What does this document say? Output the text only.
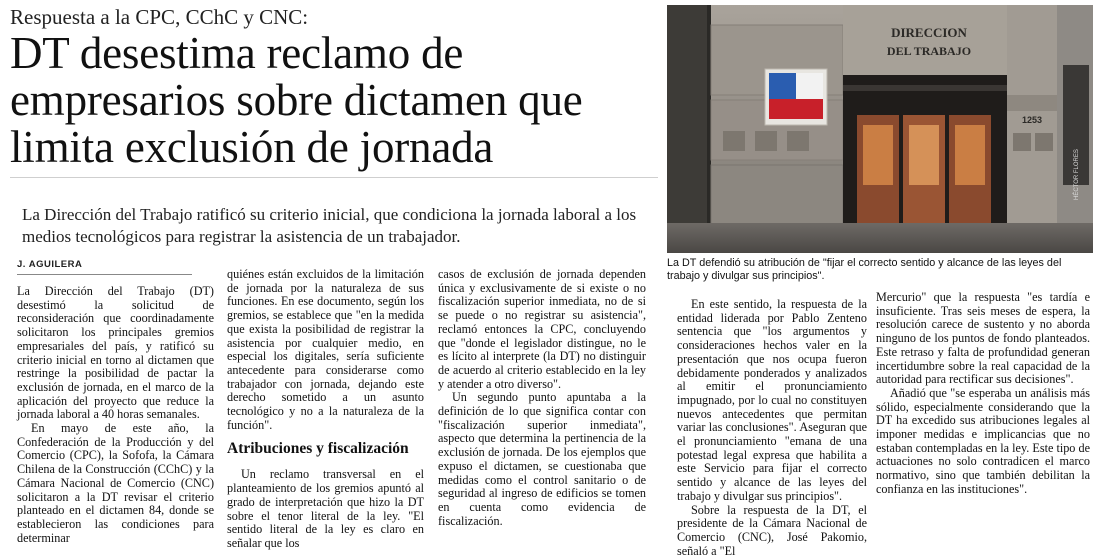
Respuesta a la CPC, CChC y CNC:
DT desestima reclamo de empresarios sobre dictamen que limita exclusión de jornada
La Dirección del Trabajo ratificó su criterio inicial, que condiciona la jornada laboral a los medios tecnológicos para registrar la asistencia de un trabajador.
J. AGUILERA

La Dirección del Trabajo (DT) desestimó la solicitud de reconsideración que coordinadamente solicitaron los principales gremios empresariales del país, y ratificó su criterio inicial en torno al dictamen que restringe la posibilidad de pactar la exclusión de jornada, en el marco de la aplicación del proyecto que reduce la jornada laboral a 40 horas semanales.

En mayo de este año, la Confederación de la Producción y del Comercio (CPC), la Sofofa, la Cámara Chilena de la Construcción (CChC) y la Cámara Nacional de Comercio (CNC) solicitaron a la DT revisar el criterio planteado en el dictamen 84, donde se establecieron las condiciones para determinar

quiénes están excluidos de la limitación de jornada por la naturaleza de sus funciones. En ese documento, según los gremios, se establece que "en la medida que exista la posibilidad de registrar la asistencia por cualquier medio, en especial los digitales, sería suficiente antecedente para considerarse como trabajador con jornada, dejando este derecho sometido a un asunto tecnológico y no a la naturaleza de la función".

Atribuciones y fiscalización

Un reclamo transversal en el planteamiento de los gremios apuntó al grado de interpretación que hizo la DT sobre el tenor literal de la ley. "El sentido literal de la ley es claro en señalar que los

casos de exclusión de jornada dependen única y exclusivamente de si existe o no fiscalización superior inmediata, no de si se puede o no registrar su asistencia", reclamó entonces la CPC, concluyendo que "donde el legislador distingue, no le es lícito al interprete (la DT) no distinguir de acuerdo al criterio establecido en la ley y atender a otro diverso".

Un segundo punto apuntaba a la definición de lo que significa contar con "fiscalización superior inmediata", aspecto que determina la pertinencia de la exclusión de jornada. De los ejemplos que expuso el dictamen, se cuestionaba que medidas como el control sanitario o de seguridad al ingreso de edificios se tomen en cuenta como evidencia de fiscalización.

En este sentido, la respuesta de la entidad liderada por Pablo Zenteno sentencia que "los argumentos y consideraciones hechos valer en la presentación que nos ocupa fueron debidamente ponderados y analizados al emitir el pronunciamiento impugnado, por lo cual no constituyen nuevos antecedentes que permitan variar las conclusiones". Aseguran que el pronunciamiento "emana de una potestad legal expresa que habilita a este Servicio para fijar el correcto sentido y alcance de las leyes del trabajo y divulgar sus principios".

Sobre la respuesta de la DT, el presidente de la Cámara Nacional de Comercio (CNC), José Pakomio, señaló a "El

Mercurio" que la respuesta "es tardía e insuficiente. Tras seis meses de espera, la resolución carece de sustento y no aborda ninguno de los puntos de fondo planteados. Este retraso y falta de profundidad generan incertidumbre sobre la real capacidad de la autoridad para rectificar sus decisiones".

Añadió que "se esperaba un análisis más sólido, especialmente considerando que la DT ha excedido sus atribuciones legales al imponer medidas e implicancias que no estaban contempladas en la ley. Este tipo de actuaciones no solo contradicen el marco normativo, sino que también debilitan la confianza en las instituciones".

DIRECCION
DEL TRABAJO
1253
HÉCTOR FLORES
La DT defendió su atribución de "fijar el correcto sentido y alcance de las leyes del trabajo y divulgar sus principios".
